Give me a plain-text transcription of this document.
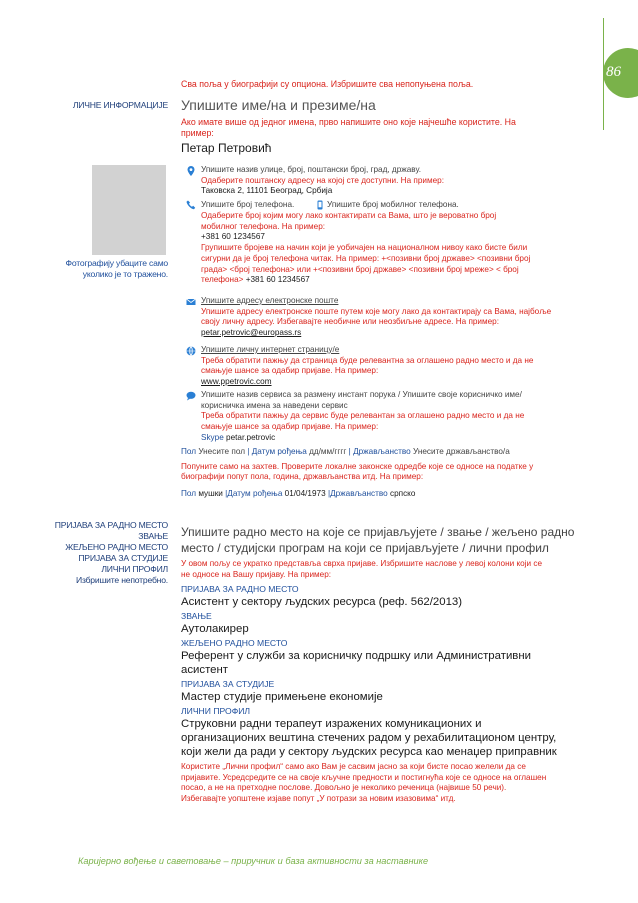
86
Сва поља у биографији су опциона. Избришите сва непопуњена поља.
ЛИЧНЕ ИНФОРМАЦИЈЕ
Фотографију убаците само
уколико је то тражено.
ПРИЈАВА ЗА РАДНО МЕСТО
ЗВАЊЕ
ЖЕЉЕНО РАДНО МЕСТО
ПРИЈАВА ЗА СТУДИЈЕ
ЛИЧНИ ПРОФИЛ
Избришите непотребно.
Упишите име/на и презиме/на
Ако имате више од једног имена, прво напишите оно које најчешће користите. На
пример:
Петар Петровић
Упишите назив улице, број, поштански број, град, државу.
Одаберите поштанску адресу на којој сте доступни. На пример:
Таковска 2, 11101 Београд, Србија
Упишите број телефона.	Упишите број мобилног телефона.
Одаберите број којим могу лако контактирати са Вама, што је вероватно број
мобилног телефона. На пример:
+381 60 1234567
Групишите бројеве на начин који је уобичајен на националном нивоу како бисте били
сигурни да је број телефона читак. На пример: +<позивни број државе> <позивни број
града> <број телефона> или +<позивни број државе> <позивни број мреже> < број
телефона> +381 60 1234567
Упишите адресу електронске поште
Упишите адресу електронске поште путем које могу лако да контактирају са Вама, најбоље
своју личну адресу. Избегавајте необичне или неозбиљне адресе. На пример:
petar.petrovic@europass.rs
Упишите личну интернет страницу/е
Треба обратити пажњу да страница буде релевантна за оглашено радно место и да не
смањује шансе за одабир пријаве. На пример:
www.ppetrovic.com
Упишите назив сервиса за размену инстант порука / Упишите своје корисничко име/
корисничка имена за наведени сервис
Треба обратити пажњу да сервис буде релевантан за оглашено радно место и да не
смањује шансе за одабир пријаве. На пример:
Skype petar.petrovic
Пол Унесите пол | Датум рођења дд/мм/гггг | Држављанство Унесите држављанство/а
Попуните само на захтев. Проверите локалне законске одредбе које се односе на податке у
биографији попут пола, година, држављанства итд. На пример:
Пол мушки |Датум рођења 01/04/1973 |Држављанство српско
Упишите радно место на које се пријављујете / звање / жељено радно
место / студијски програм на који се пријављујете / лични профил
У овом пољу се укратко представља сврха пријаве. Избришите наслове у левој колони који се
не односе на Вашу пријаву. На пример:
ПРИЈАВА ЗА РАДНО МЕСТО
Асистент у сектору људских ресурса (реф. 562/2013)
ЗВАЊЕ
Аутолакирер
ЖЕЉЕНО РАДНО МЕСТО
Референт у служби за корисничку подршку или Административни
асистент
ПРИЈАВА ЗА СТУДИЈЕ
Мастер студије примењене економије
ЛИЧНИ ПРОФИЛ
Струковни радни терапеут изражених комуникационих и
организационих вештина стечених радом у рехабилитационом центру,
који жели да ради у сектору људских ресурса као менаџер приправник
Користите „Лични профил“ само ако Вам је сасвим јасно за који бисте посао желели да се
пријавите. Усредсредите се на своје кључне предности и постигнућа које се односе на оглашен
посао, а не на претходне послове. Довољно је неколико реченица (највише 50 речи).
Избегавајте уопштене изјаве попут „У потрази за новим изазовима“ итд.
Каријерно вођење и саветовање – приручник и база активности за наставнике
